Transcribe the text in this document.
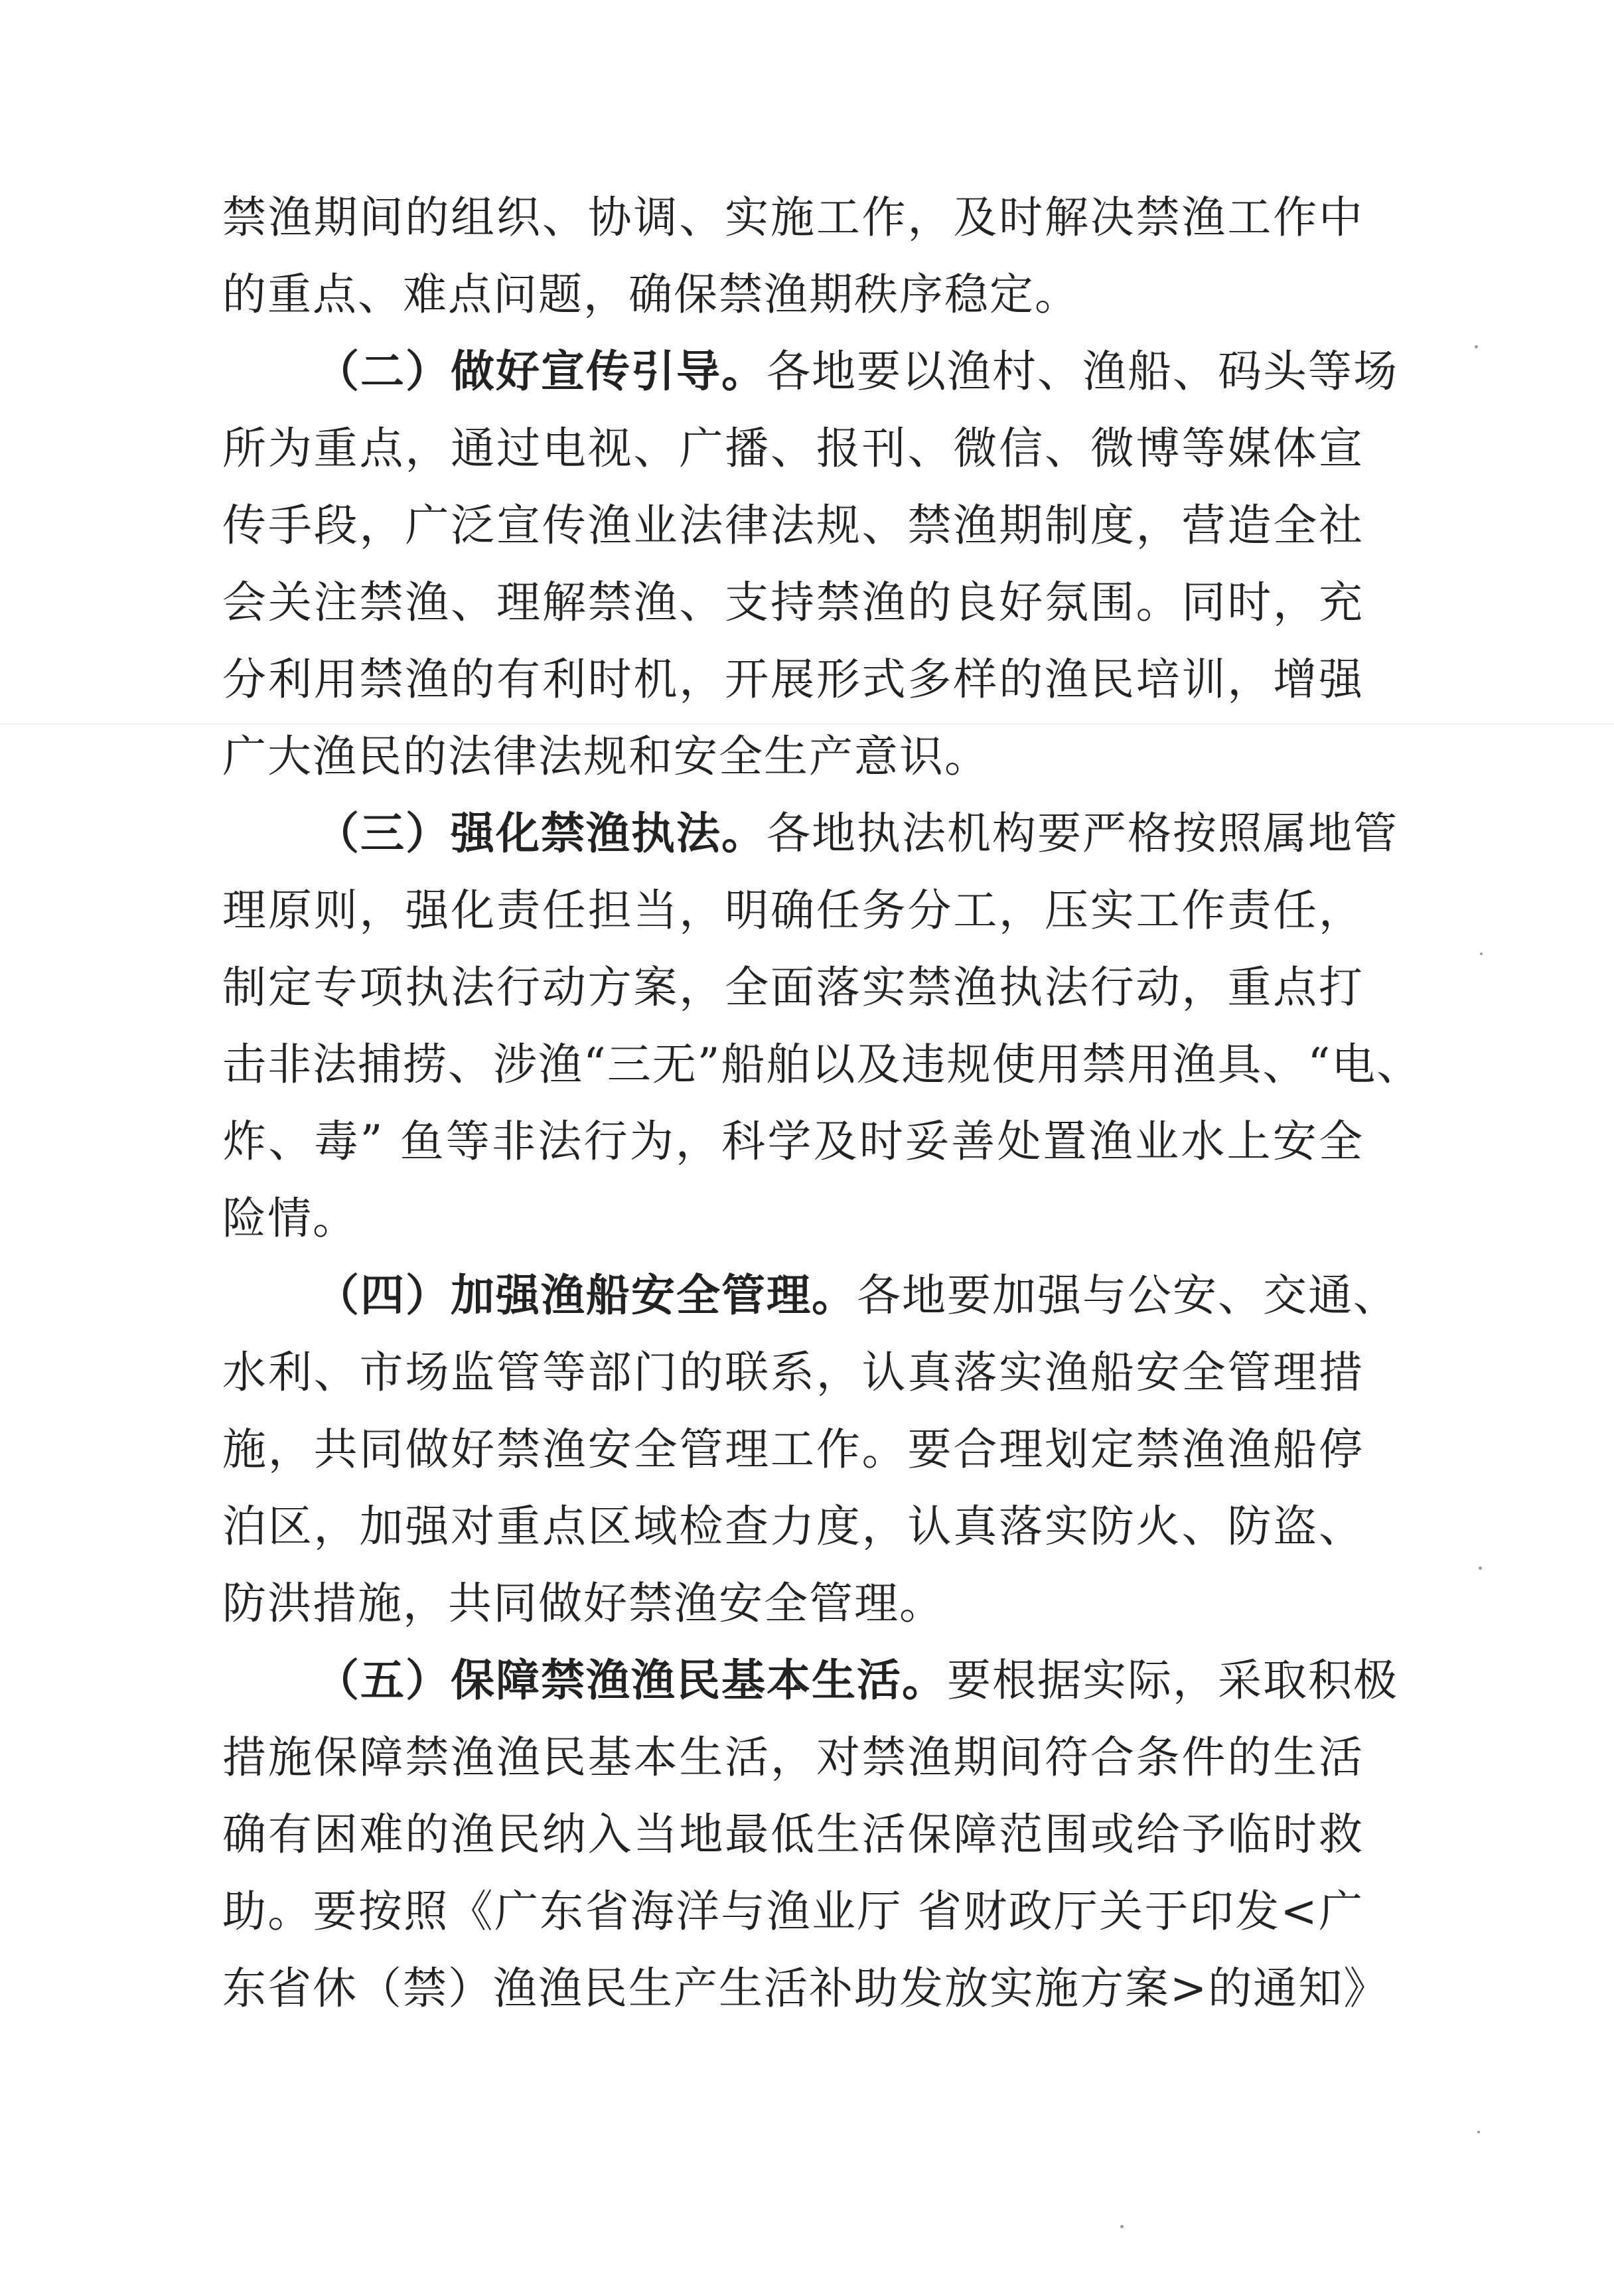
禁渔期间的组织、协调、实施工作，及时解决禁渔工作中
的重点、难点问题，确保禁渔期秩序稳定。
（二）做好宣传引导。各地要以渔村、渔船、码头等场
所为重点，通过电视、广播、报刊、微信、微博等媒体宣
传手段，广泛宣传渔业法律法规、禁渔期制度，营造全社
会关注禁渔、理解禁渔、支持禁渔的良好氛围。同时，充
分利用禁渔的有利时机，开展形式多样的渔民培训，增强
广大渔民的法律法规和安全生产意识。
（三）强化禁渔执法。各地执法机构要严格按照属地管
理原则，强化责任担当，明确任务分工，压实工作责任，
制定专项执法行动方案，全面落实禁渔执法行动，重点打
击非法捕捞、涉渔“三无”船舶以及违规使用禁用渔具、“电、
炸、毒” 鱼等非法行为，科学及时妥善处置渔业水上安全
险情。
（四）加强渔船安全管理。各地要加强与公安、交通、
水利、市场监管等部门的联系，认真落实渔船安全管理措
施，共同做好禁渔安全管理工作。要合理划定禁渔渔船停
泊区，加强对重点区域检查力度，认真落实防火、防盗、
防洪措施，共同做好禁渔安全管理。
（五）保障禁渔渔民基本生活。要根据实际，采取积极
措施保障禁渔渔民基本生活，对禁渔期间符合条件的生活
确有困难的渔民纳入当地最低生活保障范围或给予临时救
助。要按照《广东省海洋与渔业厅 省财政厅关于印发<广
东省休（禁）渔渔民生产生活补助发放实施方案>的通知》
